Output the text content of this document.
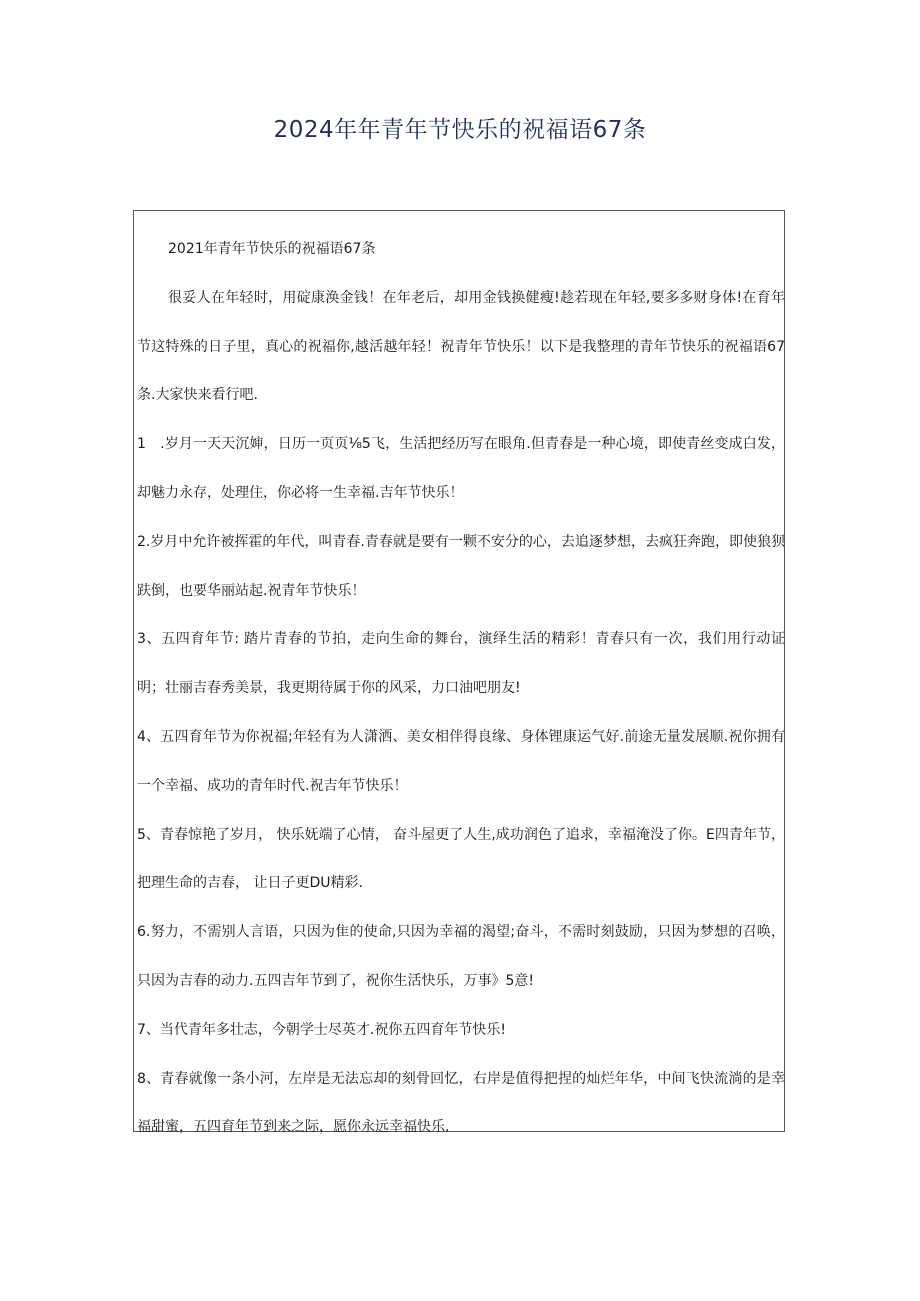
2024年年青年节快乐的祝福语67条

2021年青年节快乐的祝福语67条

很妥人在年轻时，用碇康涣金钱！在年老后，却用金钱换健瘦!趁若现在年轻,要多多财身体!在育年节这特殊的日子里，真心的祝福你,越活越年轻！祝青年节快乐！以下是我整理的青年节快乐的祝福语67条.大家快来看行吧.

1　.岁月一天天沉婶，日历一页页⅛5飞，生活把经历写在眼角.但青春是一种心境，即使青丝变成白发，却魅力永存，处理住，你必将一生幸福.吉年节快乐！

2.岁月中允许被挥霍的年代，叫青春.青春就是要有一颗不安分的心，去追逐梦想，去疯狂奔跑，即使狼狈趺倒，也要华丽站起.祝青年节快乐！

3、五四育年节: 踏片青春的节拍，走向生命的舞台，演绎生活的精彩！青春只有一次，我们用行动证明；壮丽吉春秀美景，我更期待属于你的风采，力口油吧朋友!

4、五四育年节为你祝福;年轻有为人潇洒、美女相伴得良缘、身体锂康运气好.前途无量发展顺.祝你拥有一个幸福、成功的青年时代.祝吉年节快乐！

5、青春惊艳了岁月， 快乐妩端了心情， 奋斗屋更了人生,成功润色了追求，幸福淹没了你。E四青年节，把理生命的吉春， 让日子更DU精彩.

6.努力，不需别人言语，只因为隹的使命,只因为幸福的渴望;奋斗，不需时刻鼓励，只因为梦想的召唤，只因为吉春的动力.五四吉年节到了，祝你生活快乐，万事》5意!

7、当代青年多壮志，今朝学士尽英才.祝你五四育年节快乐!

8、青春就像一条小河，左岸是无法忘却的刻骨回忆，右岸是值得把捏的灿烂年华，中间飞快流淌的是幸福甜蜜，五四育年节到来之际，愿你永远幸福快乐.
